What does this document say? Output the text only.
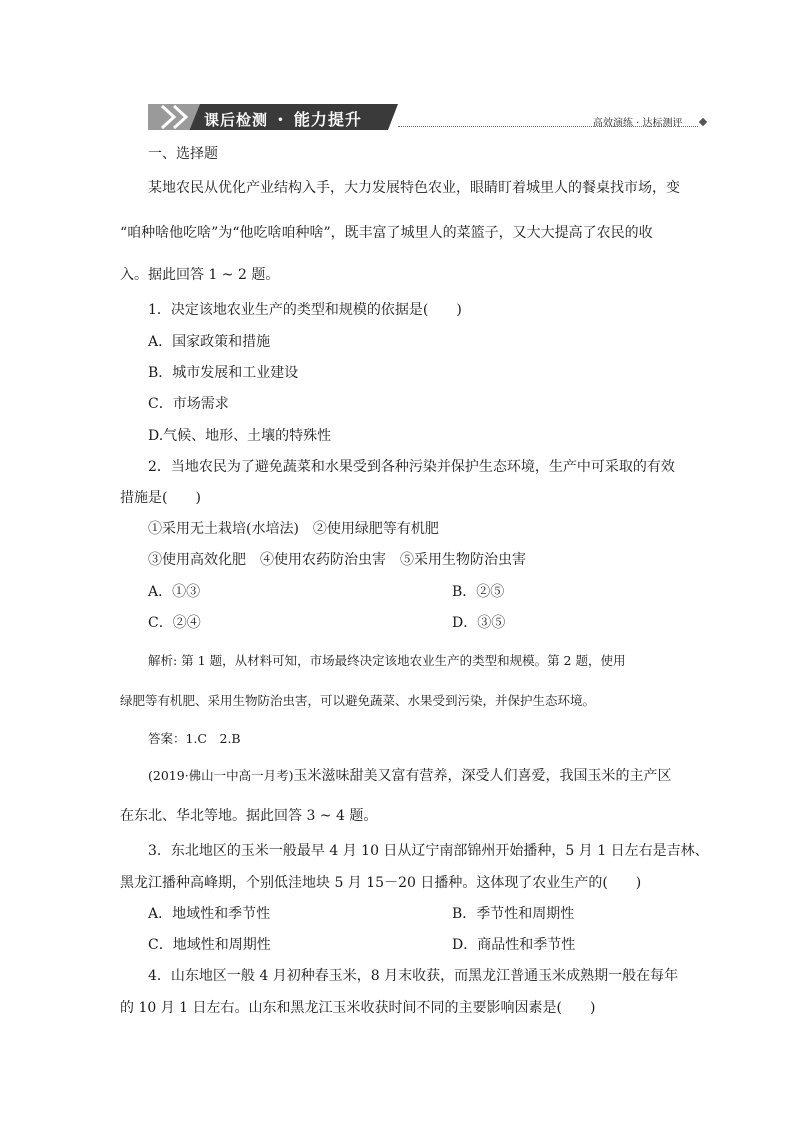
课后检测 • 能力提升	高效演练 · 达标测评
一、选择题
某地农民从优化产业结构入手，大力发展特色农业，眼睛盯着城里人的餐桌找市场，变
“咱种啥他吃啥”为“他吃啥咱种啥”，既丰富了城里人的菜篮子，又大大提高了农民的收
入。据此回答 1 ~ 2 题。
1．决定该地农业生产的类型和规模的依据是(　　)
A．国家政策和措施
B．城市发展和工业建设
C．市场需求
D.气候、地形、土壤的特殊性
2．当地农民为了避免蔬菜和水果受到各种污染并保护生态环境，生产中可采取的有效
措施是(　　)
①采用无土栽培(水培法)　②使用绿肥等有机肥
③使用高效化肥　④使用农药防治虫害　⑤采用生物防治虫害
A．①③	B．②⑤
C．②④	D．③⑤
解析: 第 1 题，从材料可知，市场最终决定该地农业生产的类型和规模。第 2 题，使用
绿肥等有机肥、采用生物防治虫害，可以避免蔬菜、水果受到污染，并保护生态环境。
答案：1.C　2.B
(2019·佛山一中高一月考)玉米滋味甜美又富有营养，深受人们喜爱，我国玉米的主产区
在东北、华北等地。据此回答 3 ~ 4 题。
3．东北地区的玉米一般最早 4 月 10 日从辽宁南部锦州开始播种，5 月 1 日左右是吉林、
黑龙江播种高峰期，个别低洼地块 5 月 15－20 日播种。这体现了农业生产的(　　)
A．地域性和季节性	B．季节性和周期性
C．地域性和周期性	D．商品性和季节性
4．山东地区一般 4 月初种春玉米，8 月末收获，而黑龙江普通玉米成熟期一般在每年
的 10 月 1 日左右。山东和黑龙江玉米收获时间不同的主要影响因素是(　　)
